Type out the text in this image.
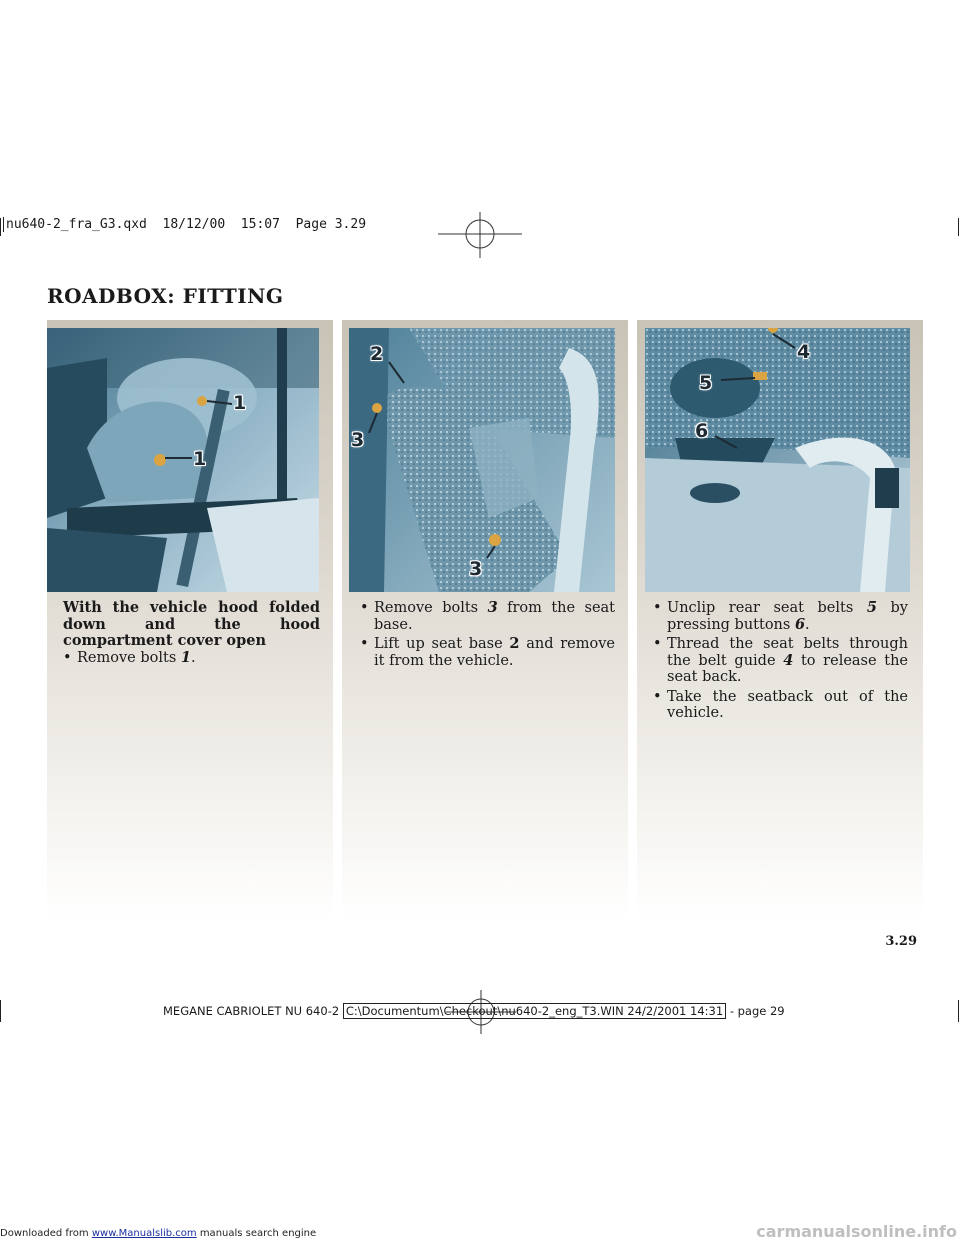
nu640-2_fra_G3.qxd  18/12/00  15:07  Page 3.29
ROADBOX: FITTING
1
1
2
3
3
4
5
6
With the vehicle hood folded down and the hood compartment cover open
• Remove bolts 1.
• Remove bolts 3 from the seat base.
• Lift up seat base 2 and remove it from the vehicle.
• Unclip rear seat belts 5 by pressing buttons 6.
• Thread the seat belts through the belt guide 4 to release the seat back.
• Take the seatback out of the vehicle.
3.29
MEGANE CABRIOLET NU 640-2 C:\Documentum\Checkout\nu640-2_eng_T3.WIN 24/2/2001 14:31 - page 29
Downloaded from www.Manualslib.com manuals search engine	carmanualsonline.info
